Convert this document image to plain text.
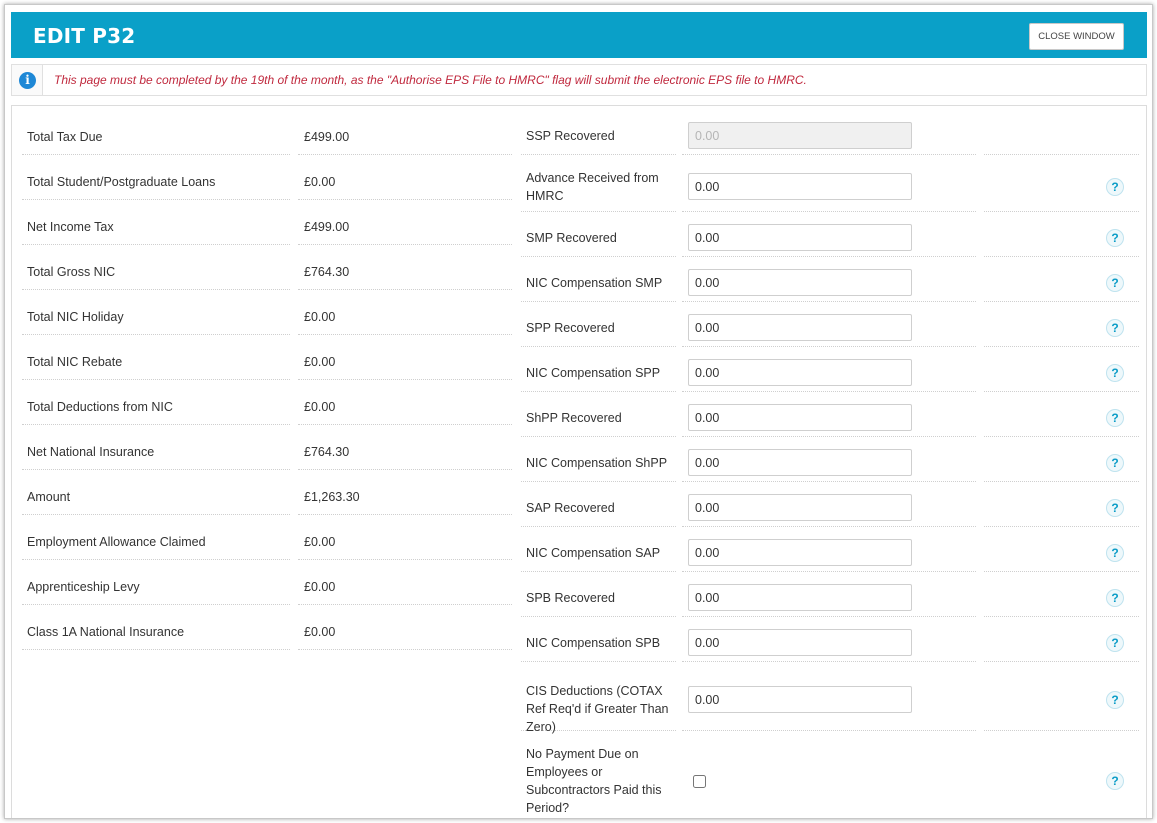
EDIT P32	CLOSE WINDOW
i	This page must be completed by the 19th of the month, as the "Authorise EPS File to HMRC" flag will submit the electronic EPS file to HMRC.
Total Tax Due	£499.00
Total Student/Postgraduate Loans	£0.00
Net Income Tax	£499.00
Total Gross NIC	£764.30
Total NIC Holiday	£0.00
Total NIC Rebate	£0.00
Total Deductions from NIC	£0.00
Net National Insurance	£764.30
Amount	£1,263.30
Employment Allowance Claimed	£0.00
Apprenticeship Levy	£0.00
Class 1A National Insurance	£0.00
SSP Recovered
0.00
Advance Received from HMRC
0.00
?
SMP Recovered
0.00	?
NIC Compensation SMP
0.00	?
SPP Recovered
0.00	?
NIC Compensation SPP
0.00	?
ShPP Recovered
0.00	?
NIC Compensation ShPP
0.00	?
SAP Recovered
0.00	?
NIC Compensation SAP
0.00	?
SPB Recovered
0.00	?
NIC Compensation SPB
0.00	?
CIS Deductions (COTAX Ref Req'd if Greater Than Zero)
0.00
?
No Payment Due on Employees or Subcontractors Paid this Period?
?
